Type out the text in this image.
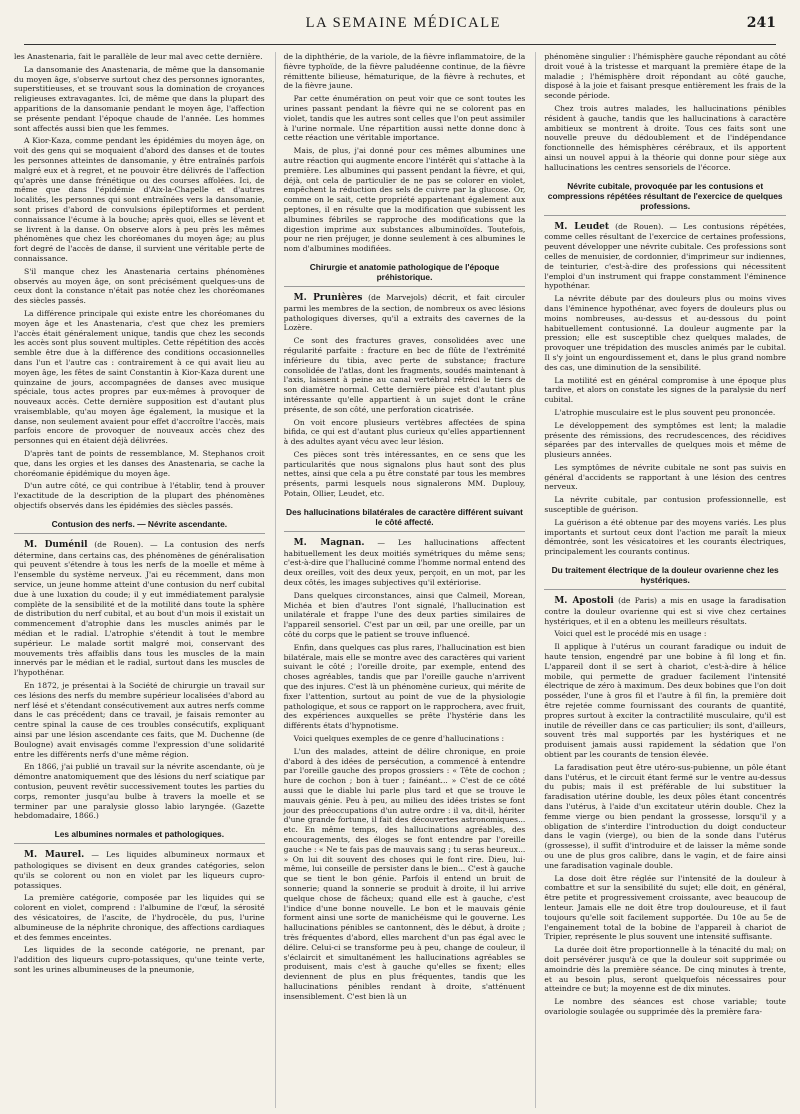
LA SEMAINE MÉDICALE	241

les Anastenaria, fait le parallèle de leur mal avec cette dernière.

La dansomanie des Anastenaria, de même que la dansomanie du moyen âge, s'observe surtout chez des personnes ignorantes, superstitieuses, et se trouvant sous la domination de croyances religieuses extravagantes. Ici, de même que dans la plupart des apparitions de la dansomanie pendant le moyen âge, l'affection se présente pendant l'époque chaude de l'année. Les hommes sont affectés aussi bien que les femmes.

A Kior-Kaza, comme pendant les épidémies du moyen âge, on voit des gens qui se moquaient d'abord des danses et de toutes les personnes atteintes de dansomanie, y être entraînés parfois malgré eux et à regret, et ne pouvoir être délivrés de l'affection qu'après une danse frénétique ou des courses affolées. Ici, de même que dans l'épidémie d'Aix-la-Chapelle et d'autres localités, les personnes qui sont entraînées vers la dansomanie, sont prises d'abord de convulsions épileptiformes et perdent connaissance l'écume à la bouche; après quoi, elles se lèvent et se livrent à la danse. On observe alors à peu près les mêmes phénomènes que chez les choréomanes du moyen âge; au plus fort degré de l'accès de danse, il survient une véritable perte de connaissance.

S'il manque chez les Anastenaria certains phénomènes observés au moyen âge, on sont précisément quelques-uns de ceux dont la constance n'était pas notée chez les choréomanes des siècles passés.

La différence principale qui existe entre les choréomanes du moyen âge et les Anastenaria, c'est que chez les premiers l'accès était généralement unique, tandis que chez les seconds les accès sont plus souvent multiples. Cette répétition des accès semble être due à la différence des conditions occasionnelles dans l'un et l'autre cas : contrairement à ce qui avait lieu au moyen âge, les fêtes de saint Constantin à Kior-Kaza durent une quinzaine de jours, accompagnées de danses avec musique spéciale, tous actes propres par eux-mêmes à provoquer de nouveaux accès. Cette dernière supposition est d'autant plus vraisemblable, qu'au moyen âge également, la musique et la danse, non seulement avaient pour effet d'accroître l'accès, mais parfois encore de provoquer de nouveaux accès chez des personnes qui en étaient déjà délivrées.

D'après tant de points de ressemblance, M. Stephanos croit que, dans les orgies et les danses des Anastenaria, se cache la choréomanie épidémique du moyen âge.

D'un autre côté, ce qui contribue à l'établir, tend à prouver l'exactitude de la description de la plupart des phénomènes objectifs observés dans les épidémies des siècles passés.

Contusion des nerfs. — Névrite ascendante.

M. Duménil (de Rouen). — La contusion des nerfs détermine, dans certains cas, des phénomènes de généralisation qui peuvent s'étendre à tous les nerfs de la moelle et même à l'ensemble du système nerveux. J'ai eu récemment, dans mon service, un jeune homme atteint d'une contusion du nerf cubital due à une luxation du coude; il y eut immédiatement paralysie complète de la sensibilité et de la motilité dans toute la sphère de distribution du nerf cubital, et au bout d'un mois il existait un commencement d'atrophie dans les muscles animés par le médian et le radial. L'atrophie s'étendit à tout le membre supérieur. Le malade sortit malgré moi, conservant des mouvements très affaiblis dans tous les muscles de la main innervés par le médian et le radial, surtout dans les muscles de l'hypothénar.

En 1872, je présentai à la Société de chirurgie un travail sur ces lésions des nerfs du membre supérieur localisées d'abord au nerf lésé et s'étendant consécutivement aux autres nerfs comme dans le cas précédent; dans ce travail, je faisais remonter au centre spinal la cause de ces troubles consécutifs, expliquant ainsi par une lésion ascendante ces faits, que M. Duchenne (de Boulogne) avait envisagés comme l'expression d'une solidarité entre les différents nerfs d'une même région.

En 1866, j'ai publié un travail sur la névrite ascendante, où je démontre anatomiquement que des lésions du nerf sciatique par contusion, peuvent revêtir successivement toutes les parties du corps, remonter jusqu'au bulbe à travers la moelle et se terminer par une paralysie glosso labio laryngée. (Gazette hebdomadaire, 1866.)

Les albumines normales et pathologiques.

M. Maurel. — Les liquides albumineux normaux et pathologiques se divisent en deux grandes catégories, selon qu'ils se colorent ou non en violet par les liqueurs cupro-potassiques.

La première catégorie, composée par les liquides qui se colorent en violet, comprend : l'albumine de l'œuf, la sérosité des vésicatoires, de l'ascite, de l'hydrocèle, du pus, l'urine albumineuse de la néphrite chronique, des affections cardiaques et des femmes enceintes.

Les liquides de la seconde catégorie, ne prenant, par l'addition des liqueurs cupro-potassiques, qu'une teinte verte, sont les urines albumineuses de la pneumonie,

de la diphthérie, de la variole, de la fièvre inflammatoire, de la fièvre typhoïde, de la fièvre paludéenne continue, de la fièvre rémittente bilieuse, hématurique, de la fièvre à rechutes, et de la fièvre jaune.

Par cette énumération on peut voir que ce sont toutes les urines passant pendant la fièvre qui ne se colorent pas en violet, tandis que les autres sont celles que l'on peut assimiler à l'urine normale. Une répartition aussi nette donne donc à cette réaction une véritable importance.

Mais, de plus, j'ai donné pour ces mêmes albumines une autre réaction qui augmente encore l'intérêt qui s'attache à la première. Les albumines qui passent pendant la fièvre, et qui, déjà, ont cela de particulier de ne pas se colorer en violet, empêchent la réduction des sels de cuivre par la glucose. Or, comme on le sait, cette propriété appartenant également aux peptones, il en résulte que la modification que subissent les albumines fébriles se rapproche des modifications que la digestion imprime aux substances albuminoïdes. Toutefois, pour ne rien préjuger, je donne seulement à ces albumines le nom d'albumines modifiées.

Chirurgie et anatomie pathologique de l'époque préhistorique.

M. Prunières (de Marvejols) décrit, et fait circuler parmi les membres de la section, de nombreux os avec lésions pathologiques diverses, qu'il a extraits des cavernes de la Lozère.

Ce sont des fractures graves, consolidées avec une régularité parfaite : fracture en bec de flûte de l'extrémité inférieure du tibia, avec perte de substance; fracture consolidée de l'atlas, dont les fragments, soudés maintenant à l'axis, laissent à peine au canal vertébral rétréci le tiers de son diamètre normal. Cette dernière pièce est d'autant plus intéressante qu'elle appartient à un sujet dont le crâne présente, de son côté, une perforation cicatrisée.

On voit encore plusieurs vertèbres affectées de spina bifida, ce qui est d'autant plus curieux qu'elles appartiennent à des adultes ayant vécu avec leur lésion.

Ces pièces sont très intéressantes, en ce sens que les particularités que nous signalons plus haut sont des plus nettes, ainsi que cela a pu être constaté par tous les membres présents, parmi lesquels nous signalerons MM. Duplouy, Potain, Ollier, Leudet, etc.

Des hallucinations bilatérales de caractère différent suivant le côté affecté.

M. Magnan. — Les hallucinations affectent habituellement les deux moitiés symétriques du même sens; c'est-à-dire que l'halluciné comme l'homme normal entend des deux oreilles, voit des deux yeux, perçoit, en un mot, par les deux côtés, les images subjectives qu'il extériorise.

Dans quelques circonstances, ainsi que Calmeil, Morean, Michéa et bien d'autres l'ont signalé, l'hallucination est unilatérale et frappe l'une des deux parties similaires de l'appareil sensoriel. C'est par un œil, par une oreille, par un côté du corps que le patient se trouve influencé.

Enfin, dans quelques cas plus rares, l'hallucination est bien bilatérale, mais elle se montre avec des caractères qui varient suivant le côté ; l'oreille droite, par exemple, entend des choses agréables, tandis que par l'oreille gauche n'arrivent que des injures. C'est là un phénomène curieux, qui mérite de fixer l'attention, surtout au point de vue de la physiologie pathologique, et sous ce rapport on le rapprochera, avec fruit, des expériences auxquelles se prête l'hystérie dans les différents états d'hypnotisme.

Voici quelques exemples de ce genre d'hallucinations :

L'un des malades, atteint de délire chronique, en proie d'abord à des idées de persécution, a commencé à entendre par l'oreille gauche des propos grossiers : « Tête de cochon ; hure de cochon ; bon à tuer ; fainéant... » C'est de ce côté aussi que le diable lui parle plus tard et que se trouve le mauvais génie. Peu à peu, au milieu des idées tristes se font jour des préoccupations d'un autre ordre : il va, dit-il, hériter d'une grande fortune, il fait des découvertes astronomiques... etc. En même temps, des hallucinations agréables, des encouragements, des éloges se font entendre par l'oreille gauche : « Ne te fais pas de mauvais sang ; tu seras heureux... » On lui dit souvent des choses qui le font rire. Dieu, lui-même, lui conseille de persister dans le bien... C'est à gauche que se tient le bon génie. Parfois il entend un bruit de sonnerie; quand la sonnerie se produit à droite, il lui arrive quelque chose de fâcheux; quand elle est à gauche, c'est l'indice d'une bonne nouvelle. Le bon et le mauvais génie forment ainsi une sorte de manichéisme qui le gouverne. Les hallucinations pénibles se cantonnent, dès le début, à droite ; très fréquentes d'abord, elles marchent d'un pas égal avec le délire. Celui-ci se transforme peu à peu, change de couleur, il s'éclaircit et simultanément les hallucinations agréables se produisent, mais c'est à gauche qu'elles se fixent; elles deviennent de plus en plus fréquentes, tandis que les hallucinations pénibles rendant à droite, s'atténuent insensiblement. C'est bien là un

phénomène singulier : l'hémisphère gauche répondant au côté droit voué à la tristesse et marquant la première étape de la maladie ; l'hémisphère droit répondant au côté gauche, disposé à la joie et faisant presque entièrement les frais de la seconde période.

Chez trois autres malades, les hallucinations pénibles résident à gauche, tandis que les hallucinations à caractère ambitieux se montrent à droite. Tous ces faits sont une nouvelle preuve du dédoublement et de l'indépendance fonctionnelle des hémisphères cérébraux, et ils apportent ainsi un nouvel appui à la théorie qui donne pour siège aux hallucinations les centres sensoriels de l'écorce.

Névrite cubitale, provoquée par les contusions et compressions répétées résultant de l'exercice de quelques professions.

M. Leudet (de Rouen). — Les contusions répétées, comme celles résultant de l'exercice de certaines professions, peuvent développer une névrite cubitale. Ces professions sont celles de menuisier, de cordonnier, d'imprimeur sur indiennes, de teinturier, c'est-à-dire des professions qui nécessitent l'emploi d'un instrument qui frappe constamment l'éminence hypothénar.

La névrite débute par des douleurs plus ou moins vives dans l'éminence hypothénar, avec foyers de douleurs plus ou moins nombreuses, au-dessus et au-dessous du point habituellement contusionné. La douleur augmente par la pression; elle est susceptible chez quelques malades, de provoquer une trépidation des muscles animés par le cubital. Il s'y joint un engourdissement et, dans le plus grand nombre des cas, une diminution de la sensibilité.

La motilité est en général compromise à une époque plus tardive, et alors on constate les signes de la paralysie du nerf cubital.

L'atrophie musculaire est le plus souvent peu prononcée.

Le développement des symptômes est lent; la maladie présente des rémissions, des recrudescences, des récidives séparées par des intervalles de quelques mois et même de plusieurs années.

Les symptômes de névrite cubitale ne sont pas suivis en général d'accidents se rapportant à une lésion des centres nerveux.

La névrite cubitale, par contusion professionnelle, est susceptible de guérison.

La guérison a été obtenue par des moyens variés. Les plus importants et surtout ceux dont l'action me paraît la mieux démontrée, sont les vésicatoires et les courants électriques, principalement les courants continus.

Du traitement électrique de la douleur ovarienne chez les hystériques.

M. Apostoli (de Paris) a mis en usage la faradisation contre la douleur ovarienne qui est si vive chez certaines hystériques, et il en a obtenu les meilleurs résultats.

Voici quel est le procédé mis en usage :

Il applique à l'utérus un courant faradique ou induit de haute tension, engendré par une bobine à fil long et fin. L'appareil dont il se sert à chariot, c'est-à-dire à hélice mobile, qui permette de graduer facilement l'intensité électrique de zéro à maximum. Des deux bobines que l'on doit posséder, l'une à gros fil et l'autre à fil fin, la première doit être rejetée comme fournissant des courants de quantité, propres surtout à exciter la contractilité musculaire, qu'il est inutile de réveiller dans ce cas particulier; ils sont, d'ailleurs, souvent très mal supportés par les hystériques et ne produisent jamais aussi rapidement la sédation que l'on obtient par les courants de tension élevée.

La faradisation peut être utéro-sus-pubienne, un pôle étant dans l'utérus, et le circuit étant fermé sur le ventre au-dessus du pubis; mais il est préférable de lui substituer la faradisation utérine double, les deux pôles étant concentrés dans l'utérus, à l'aide d'un excitateur utérin double. Chez la femme vierge ou bien pendant la grossesse, lorsqu'il y a obligation de s'interdire l'introduction du doigt conducteur dans le vagin (vierge), ou bien de la sonde dans l'utérus (grossesse), il suffit d'introduire et de laisser la même sonde ou une de plus gros calibre, dans le vagin, et de faire ainsi une faradisation vaginale double.

La dose doit être réglée sur l'intensité de la douleur à combattre et sur la sensibilité du sujet; elle doit, en général, être petite et progressivement croissante, avec beaucoup de lenteur. Jamais elle ne doit être trop douloureuse, et il faut toujours qu'elle soit facilement supportée. Du 10e au 5e de l'engainement total de la bobine de l'appareil à chariot de Tripier, représente le plus souvent une intensité suffisante.

La durée doit être proportionnelle à la ténacité du mal; on doit persévérer jusqu'à ce que la douleur soit supprimée ou amoindrie dès la première séance. De cinq minutes à trente, et au besoin plus, seront quelquefois nécessaires pour atteindre ce but; la moyenne est de dix minutes.

Le nombre des séances est chose variable; toute ovariologie soulagée ou supprimée dès la première fara-
